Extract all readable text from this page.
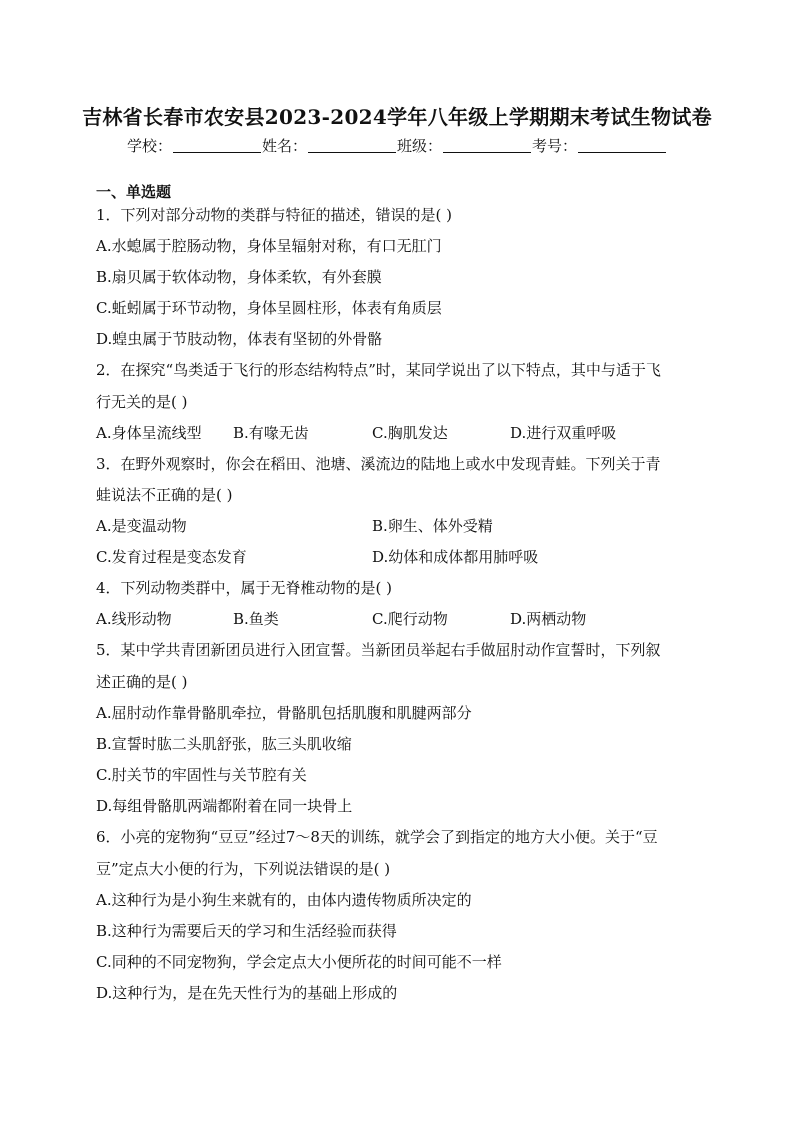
吉林省长春市农安县2023-2024学年八年级上学期期末考试生物试卷
学校：	姓名：	班级：	考号：
一、单选题
1．下列对部分动物的类群与特征的描述，错误的是( )
A.水螅属于腔肠动物，身体呈辐射对称，有口无肛门
B.扇贝属于软体动物，身体柔软，有外套膜
C.蚯蚓属于环节动物，身体呈圆柱形，体表有角质层
D.蝗虫属于节肢动物，体表有坚韧的外骨骼
2．在探究“鸟类适于飞行的形态结构特点”时，某同学说出了以下特点，其中与适于飞
行无关的是( )
A.身体呈流线型 B.有喙无齿	C.胸肌发达	D.进行双重呼吸
3．在野外观察时，你会在稻田、池塘、溪流边的陆地上或水中发现青蛙。下列关于青
蛙说法不正确的是( )
A.是变温动物	B.卵生、体外受精
C.发育过程是变态发育	D.幼体和成体都用肺呼吸
4．下列动物类群中，属于无脊椎动物的是( )
A.线形动物	B.鱼类	C.爬行动物	D.两栖动物
5．某中学共青团新团员进行入团宣誓。当新团员举起右手做屈肘动作宣誓时，下列叙
述正确的是( )
A.屈肘动作靠骨骼肌牵拉，骨骼肌包括肌腹和肌腱两部分
B.宣誓时肱二头肌舒张，肱三头肌收缩
C.肘关节的牢固性与关节腔有关
D.每组骨骼肌两端都附着在同一块骨上
6．小亮的宠物狗“豆豆”经过7～8天的训练，就学会了到指定的地方大小便。关于“豆
豆”定点大小便的行为，下列说法错误的是( )
A.这种行为是小狗生来就有的，由体内遗传物质所决定的
B.这种行为需要后天的学习和生活经验而获得
C.同种的不同宠物狗，学会定点大小便所花的时间可能不一样
D.这种行为，是在先天性行为的基础上形成的
